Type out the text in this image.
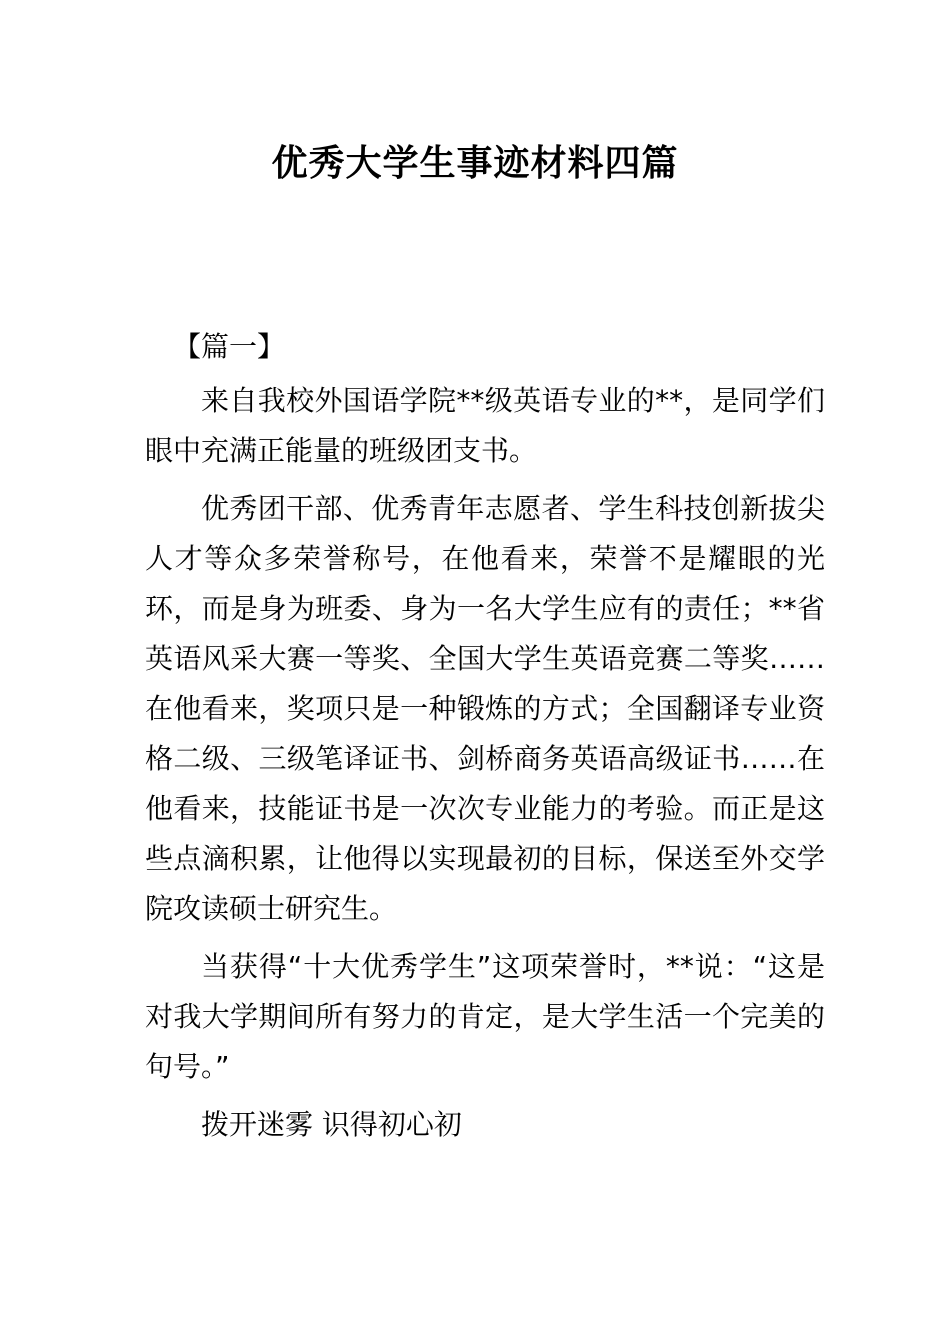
优秀大学生事迹材料四篇
【篇一】

来自我校外国语学院**级英语专业的**，是同学们眼中充满正能量的班级团支书。

优秀团干部、优秀青年志愿者、学生科技创新拔尖人才等众多荣誉称号，在他看来，荣誉不是耀眼的光环，而是身为班委、身为一名大学生应有的责任；**省英语风采大赛一等奖、全国大学生英语竞赛二等奖……在他看来，奖项只是一种锻炼的方式；全国翻译专业资格二级、三级笔译证书、剑桥商务英语高级证书……在他看来，技能证书是一次次专业能力的考验。而正是这些点滴积累，让他得以实现最初的目标，保送至外交学院攻读硕士研究生。

当获得“十大优秀学生”这项荣誉时，**说：“这是对我大学期间所有努力的肯定，是大学生活一个完美的句号。”

拨开迷雾 识得初心初
